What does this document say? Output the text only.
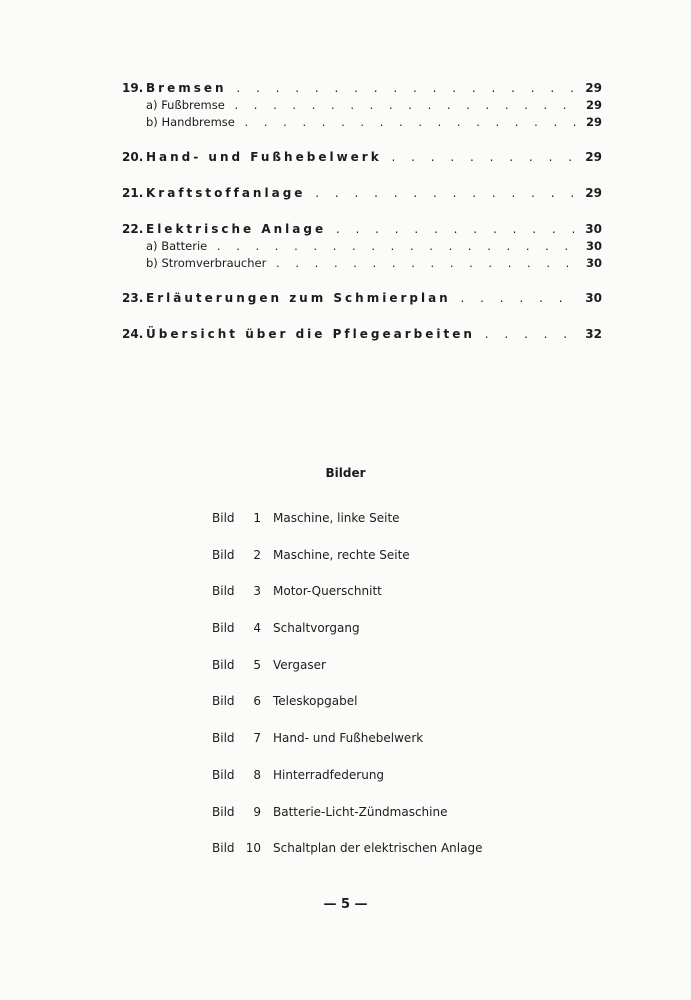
19. Bremsen . . .	29
a) Fußbremse . . .	29
b) Handbremse . . .	29
20. Hand- und Fußhebelwerk . . .	29
21. Kraftstoffanlage . . .	29
22. Elektrische Anlage . . .	30
a) Batterie . . .	30
b) Stromverbraucher . . .	30
23. Erläuterungen zum Schmierplan . . .	30
24. Übersicht über die Pflegearbeiten . . .	32
Bilder
Bild	1 Maschine, linke Seite
Bild	2 Maschine, rechte Seite
Bild	3 Motor-Querschnitt
Bild	4 Schaltvorgang
Bild	5 Vergaser
Bild	6 Teleskopgabel
Bild	7 Hand- und Fußhebelwerk
Bild	8 Hinterradfederung
Bild	9 Batterie-Licht-Zündmaschine
Bild 10 Schaltplan der elektrischen Anlage
— 5 —
